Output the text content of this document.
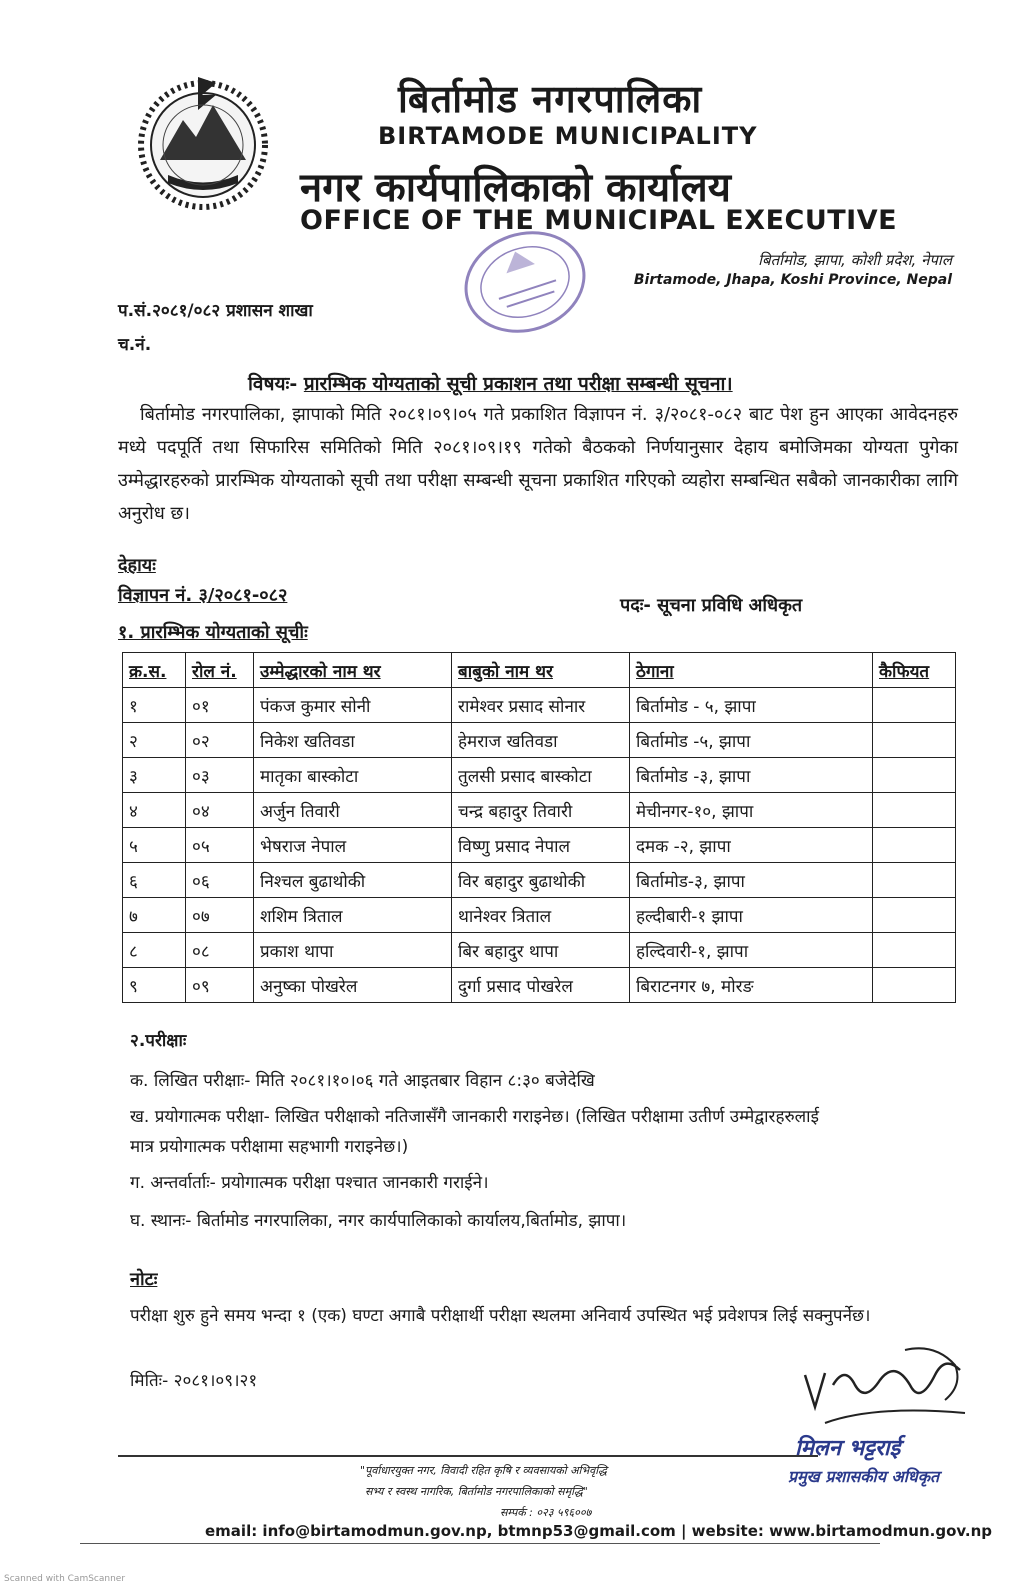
बिर्तामोड नगरपालिका
BIRTAMODE MUNICIPALITY
नगर कार्यपालिकाको कार्यालय
OFFICE OF THE MUNICIPAL EXECUTIVE
बिर्तामोड, झापा, कोशी प्रदेश, नेपाल
Birtamode, Jhapa, Koshi Province, Nepal
प.सं.२०८१/०८२ प्रशासन शाखा
च.नं.
विषयः- प्रारम्भिक योग्यताको सूची प्रकाशन तथा परीक्षा सम्बन्धी सूचना।
बिर्तामोड नगरपालिका, झापाको मिति २०८१।०९।०५ गते प्रकाशित विज्ञापन नं. ३/२०८१-०८२ बाट पेश हुन आएका आवेदनहरु मध्ये पदपूर्ति तथा सिफारिस समितिको मिति २०८१।०९।१९ गतेको बैठकको निर्णयानुसार देहाय बमोजिमका योग्यता पुगेका उम्मेद्धारहरुको प्रारम्भिक योग्यताको सूची तथा परीक्षा सम्बन्धी सूचना प्रकाशित गरिएको व्यहोरा सम्बन्धित सबैको जानकारीका लागि अनुरोध छ।
देहायः
विज्ञापन नं. ३/२०८१-०८२	पदः- सूचना प्रविधि अधिकृत
१. प्रारम्भिक योग्यताको सूचीः
क्र.स.	रोल नं.	उम्मेद्धारको नाम थर	बाबुको नाम थर	ठेगाना	कैफियत
१	०१	पंकज कुमार सोनी	रामेश्वर प्रसाद सोनार	बिर्तामोड - ५, झापा	
२	०२	निकेश खतिवडा	हेमराज खतिवडा	बिर्तामोड -५, झापा	
३	०३	मातृका बास्कोटा	तुलसी प्रसाद बास्कोटा	बिर्तामोड -३, झापा	
४	०४	अर्जुन तिवारी	चन्द्र बहादुर तिवारी	मेचीनगर-१०, झापा	
५	०५	भेषराज नेपाल	विष्णु प्रसाद नेपाल	दमक -२, झापा	
६	०६	निश्चल बुढाथोकी	विर बहादुर बुढाथोकी	बिर्तामोड-३, झापा	
७	०७	शशिम त्रिताल	थानेश्वर त्रिताल	हल्दीबारी-१ झापा	
८	०८	प्रकाश थापा	बिर बहादुर थापा	हल्दिवारी-१, झापा	
९	०९	अनुष्का पोखरेल	दुर्गा प्रसाद पोखरेल	बिराटनगर ७, मोरङ	
२.परीक्षाः
क. लिखित परीक्षाः- मिति २०८१।१०।०६ गते आइतबार विहान ८:३० बजेदेखि
ख. प्रयोगात्मक परीक्षा- लिखित परीक्षाको नतिजासँगै जानकारी गराइनेछ। (लिखित परीक्षामा उतीर्ण उम्मेद्वारहरुलाई
मात्र प्रयोगात्मक परीक्षामा सहभागी गराइनेछ।)
ग. अन्तर्वार्ताः- प्रयोगात्मक परीक्षा पश्चात जानकारी गराईने।
घ. स्थानः- बिर्तामोड नगरपालिका, नगर कार्यपालिकाको कार्यालय,बिर्तामोड, झापा।
नोटः
परीक्षा शुरु हुने समय भन्दा १ (एक) घण्टा अगाबै परीक्षार्थी परीक्षा स्थलमा अनिवार्य उपस्थित भई प्रवेशपत्र लिई सक्नुपर्नेछ।
मितिः- २०८१।०९।२१
मिलन भट्टराई
प्रमुख प्रशासकीय अधिकृत
"पूर्वाधारयुक्त नगर, विवादी रहित कृषि र व्यवसायको अभिवृद्धि
सभ्य र स्वस्थ नागरिक, बिर्तामोड नगरपालिकाको समृद्धि"
सम्पर्क : ०२३ ५९६००७
email: info@birtamodmun.gov.np, btmnp53@gmail.com | website: www.birtamodmun.gov.np
Scanned with CamScanner
